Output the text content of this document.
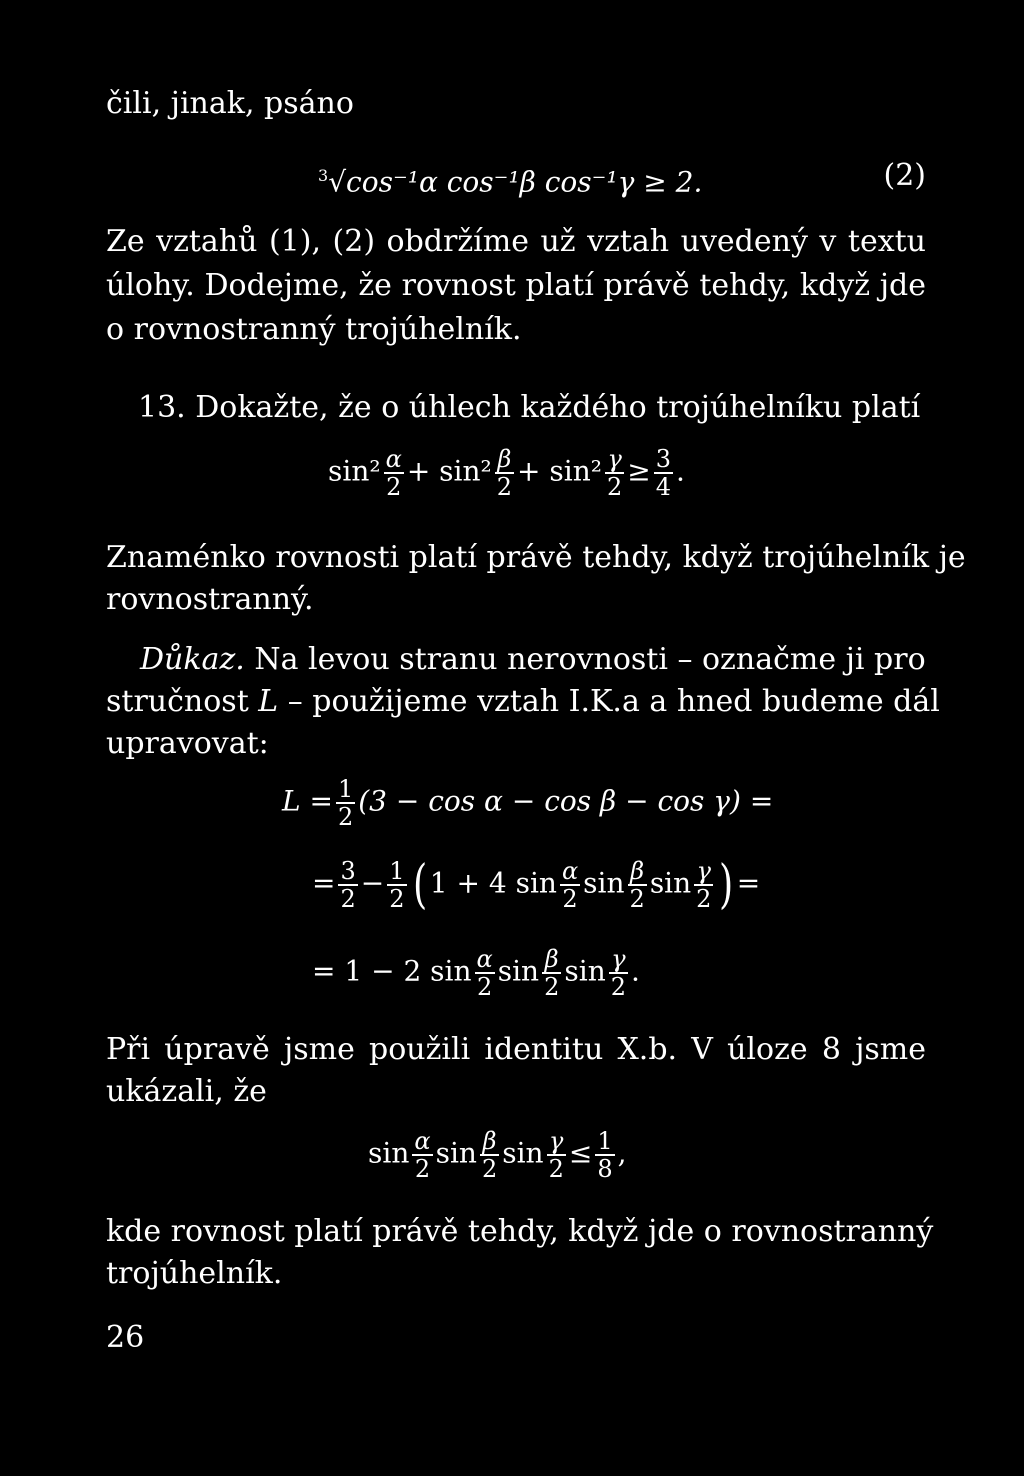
čili, jinak, psáno
$^3$√cos⁻¹α cos⁻¹β cos⁻¹γ ≥ 2.	(2)
Ze vztahů (1), (2) obdržíme už vztah uvedený v textu
úlohy. Dodejme, že rovnost platí právě tehdy, když jde
o rovnostranný trojúhelník.
13. Dokažte, že o úhlech každého trojúhelníku platí
$\sin^2 \frac{\alpha}{2} + \sin^2 \frac{\beta}{2} + \sin^2 \frac{\gamma}{2} \ge \frac{3}{4}$ .
Znaménko rovnosti platí právě tehdy, když trojúhelník je
rovnostranný.
Důkaz. Na levou stranu nerovnosti – označme ji pro
stručnost L – použijeme vztah I.K.a a hned budeme dál
upravovat:
$L = \frac{1}{2} (3 - \cos \alpha - \cos \beta - \cos \gamma)$ =
= $\frac{3}{2} - \frac{1}{2}$ ( 1 + 4 $\sin \frac{\alpha}{2}$ $\sin \frac{\beta}{2}$ $\sin \frac{\gamma}{2}$ ) =
= 1 − 2 $\sin \frac{\alpha}{2}$ $\sin \frac{\beta}{2}$ $\sin \frac{\gamma}{2}$ .
Při úpravě jsme použili identitu X.b. V úloze 8 jsme
ukázali, že
$\sin \frac{\alpha}{2}$ $\sin \frac{\beta}{2}$ $\sin \frac{\gamma}{2} \le \frac{1}{8}$ ,
kde rovnost platí právě tehdy, když jde o rovnostranný
trojúhelník.
26
